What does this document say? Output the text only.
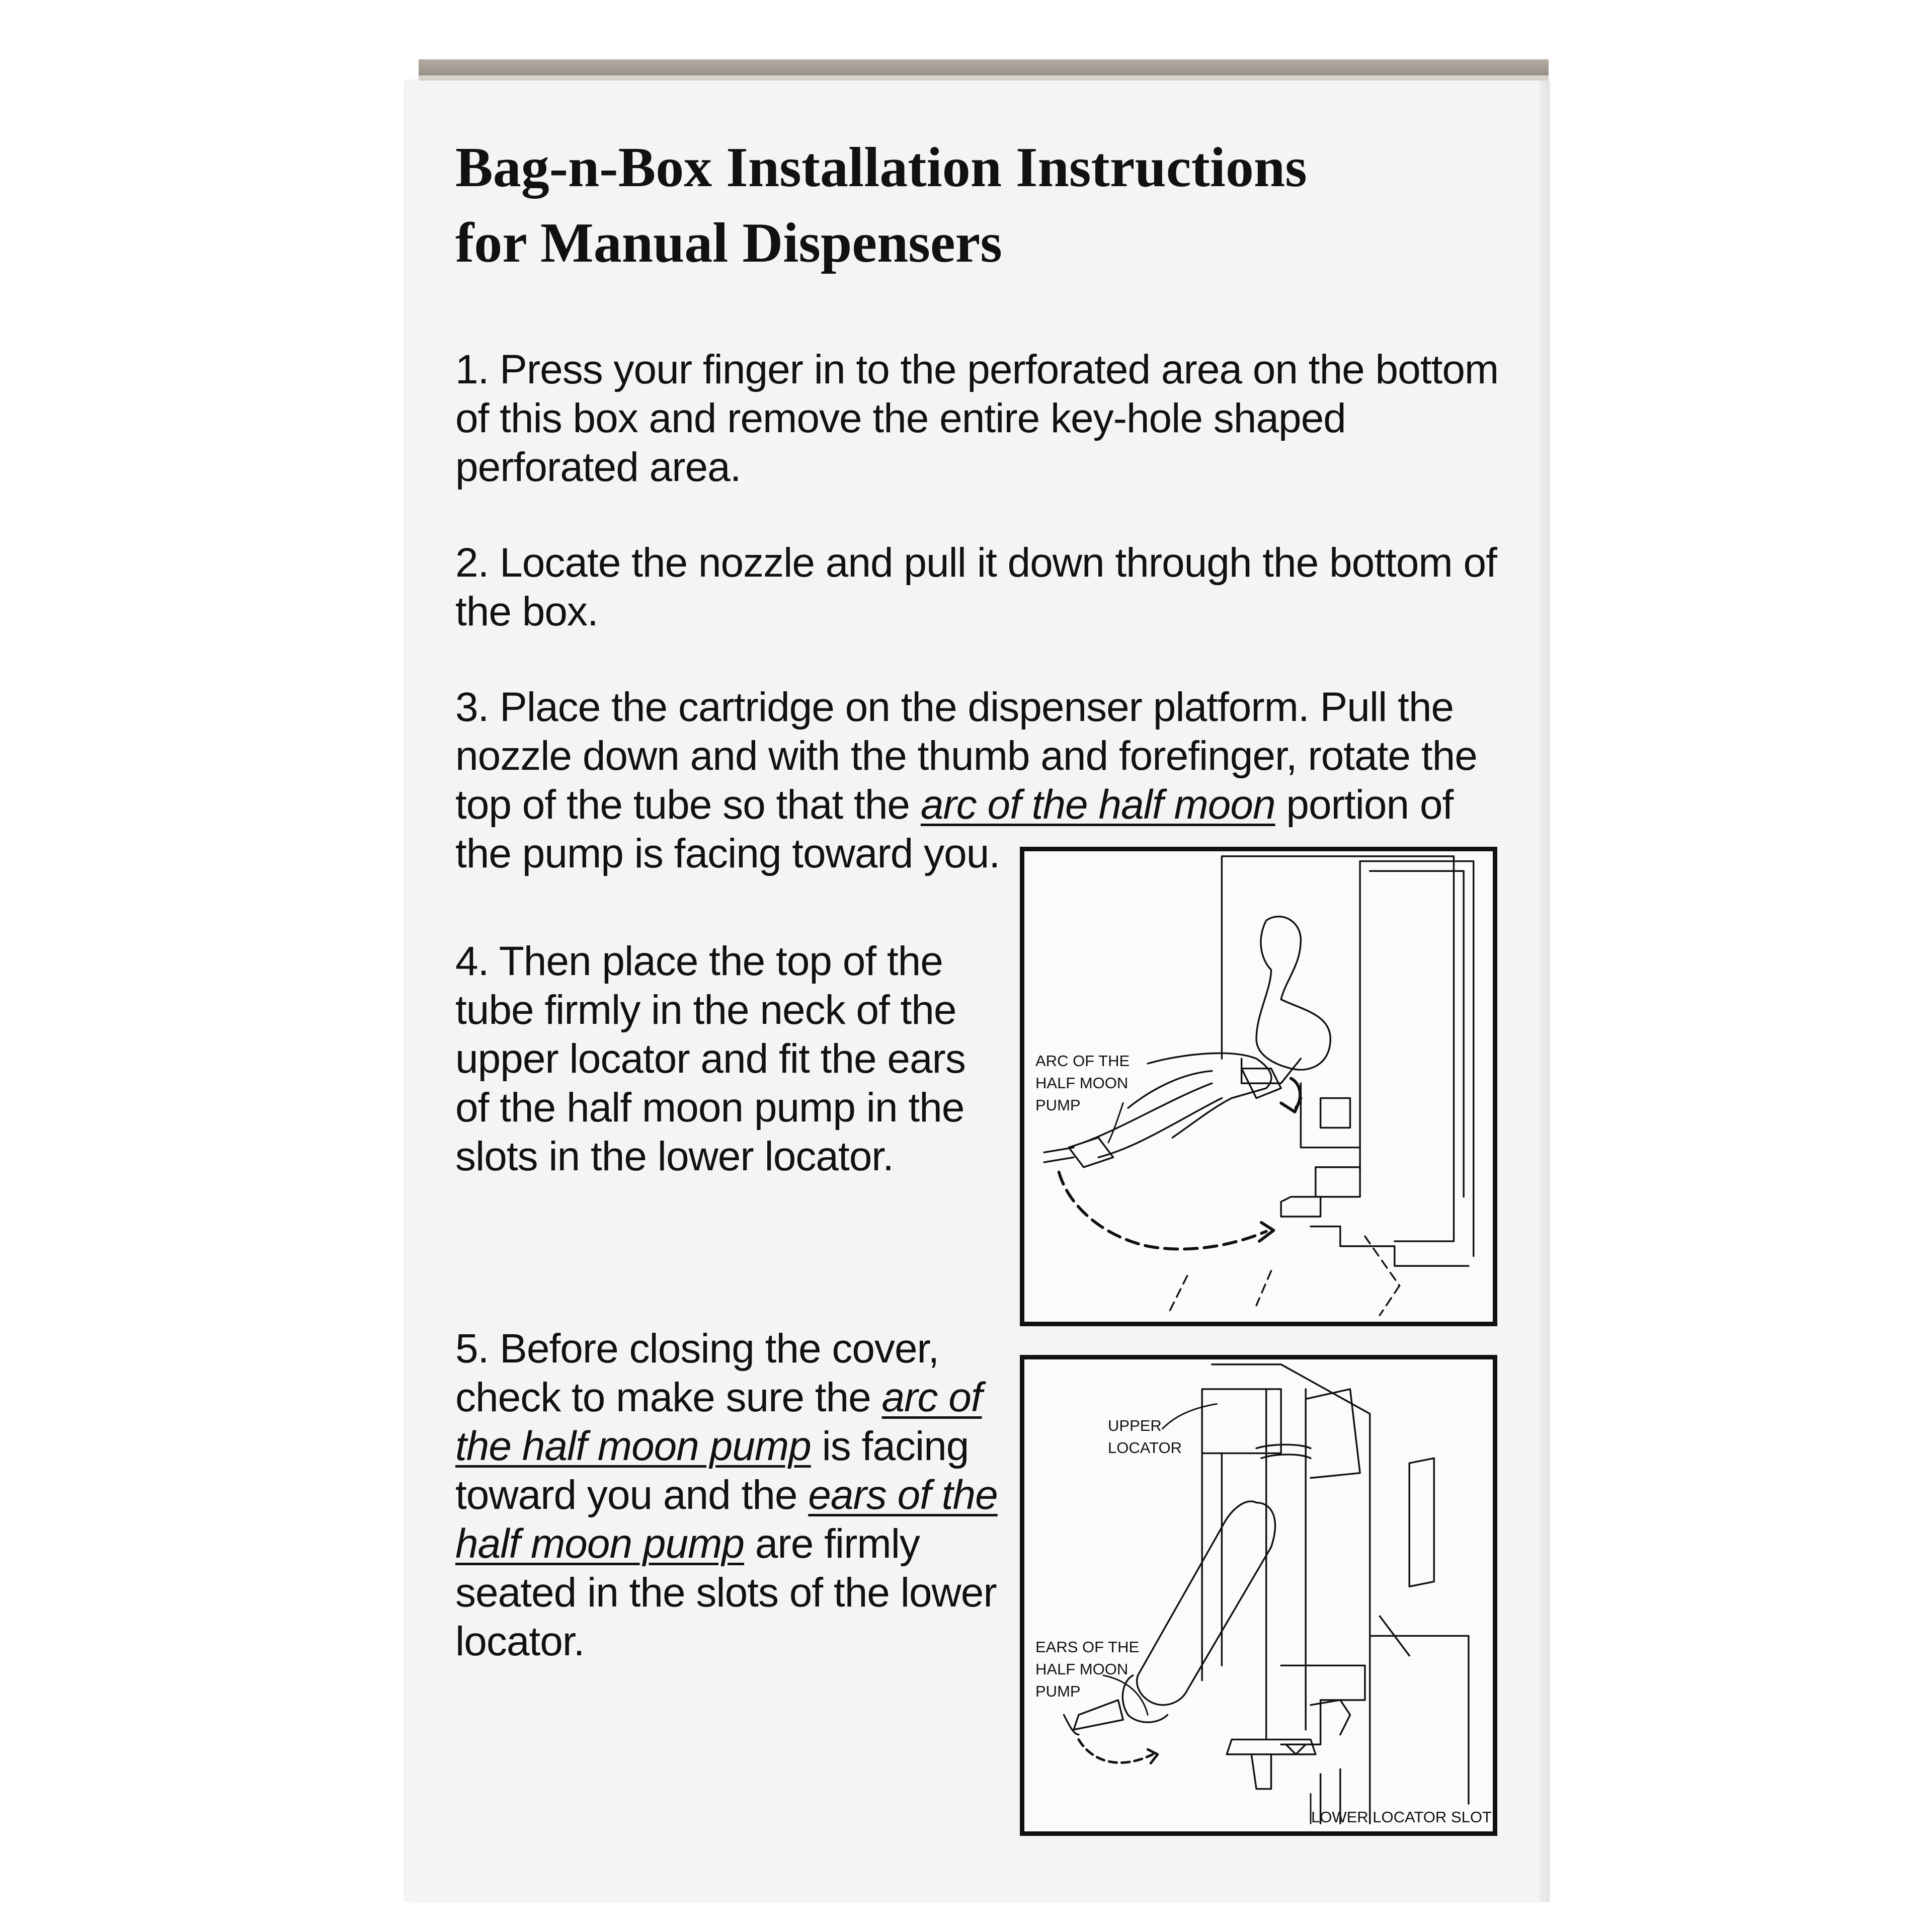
Bag-n-Box Installation Instructions
for Manual Dispensers

1. Press your finger in to the perforated area on the bottom of this box and remove the entire key-hole shaped perforated area.

2. Locate the nozzle and pull it down through the bottom of the box.

3. Place the cartridge on the dispenser platform. Pull the nozzle down and with the thumb and forefinger, rotate the top of the tube so that the arc of the half moon portion of the pump is facing toward you.

4. Then place the top of the tube firmly in the neck of the upper locator and fit the ears of the half moon pump in the slots in the lower locator.

5. Before closing the cover, check to make sure the arc of the half moon pump is facing toward you and the ears of the half moon pump are firmly seated in the slots of the lower locator.

ARC OF THE
HALF MOON
PUMP

UPPER
LOCATOR

EARS OF THE
HALF MOON
PUMP

LOWER LOCATOR SLOT
